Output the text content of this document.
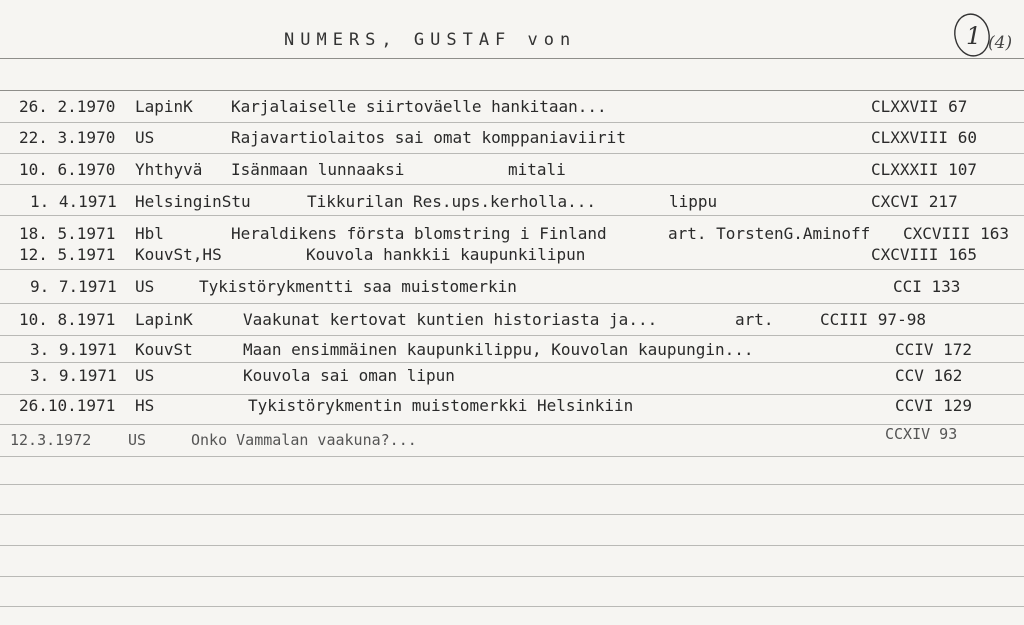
NUMERS, GUSTAF von	1 (4)
26. 2.1970 LapinK Karjalaiselle siirtoväelle hankitaan...	CLXXVII 67
22. 3.1970 US	Rajavartiolaitos sai omat komppaniaviirit	CLXXVIII 60
10. 6.1970 Yhthyvä Isänmaan lunnaaksi	mitali	CLXXXII 107
1. 4.1971 HelsinginStu	Tikkurilan Res.ups.kerholla...	lippu	CXCVI 217
18. 5.1971 Hbl	Heraldikens första blomstring i Finland	art. TorstenG.Aminoff CXCVIII 163
12. 5.1971 KouvSt,HS	Kouvola hankkii kaupunkilipun	CXCVIII 165
9. 7.1971 US	Tykistörykmentti saa muistomerkin	CCI 133
10. 8.1971 LapinK	Vaakunat kertovat kuntien historiasta ja...	art.	CCIII 97-98
3. 9.1971 KouvSt	Maan ensimmäinen kaupunkilippu, Kouvolan kaupungin...	CCIV 172
3. 9.1971 US	Kouvola sai oman lipun	CCV 162
26.10.1971 HS	Tykistörykmentin muistomerkki Helsinkiin	CCVI 129
12.3.1972 US	Onko Vammalan vaakuna?...	CCXIV 93
